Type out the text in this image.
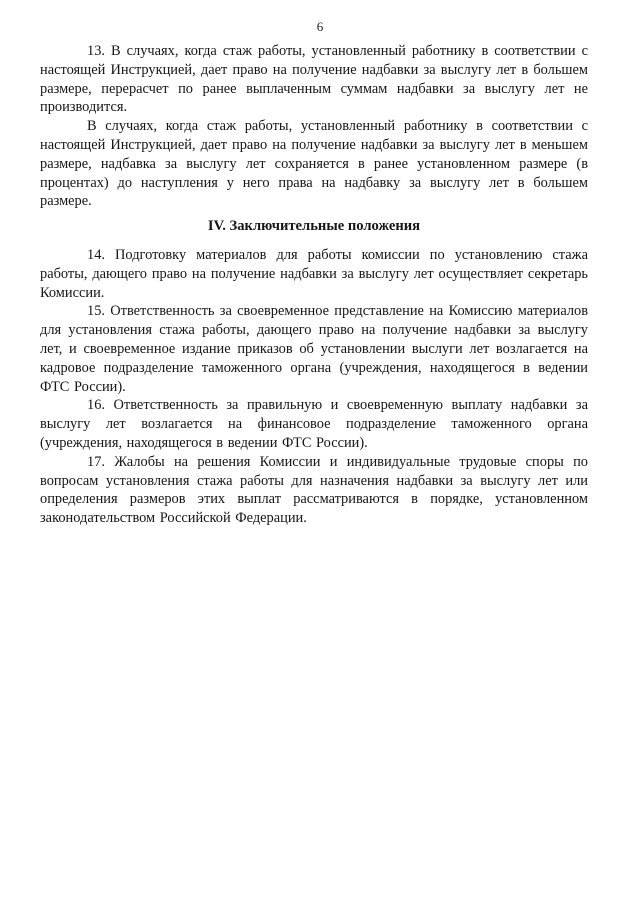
6

13. В случаях, когда стаж работы, установленный работнику в соответствии с настоящей Инструкцией, дает право на получение надбавки за выслугу лет в большем размере, перерасчет по ранее выплаченным суммам надбавки за выслугу лет не производится.

В случаях, когда стаж работы, установленный работнику в соответствии с настоящей Инструкцией, дает право на получение надбавки за выслугу лет в меньшем размере, надбавка за выслугу лет сохраняется в ранее установленном размере (в процентах) до наступления у него права на надбавку за выслугу лет в большем размере.

IV. Заключительные положения

14. Подготовку материалов для работы комиссии по установлению стажа работы, дающего право на получение надбавки за выслугу лет осуществляет секретарь Комиссии.

15. Ответственность за своевременное представление на Комиссию материалов для установления стажа работы, дающего право на получение надбавки за выслугу лет, и своевременное издание приказов об установлении выслуги лет возлагается на кадровое подразделение таможенного органа (учреждения, находящегося в ведении ФТС России).

16. Ответственность за правильную и своевременную выплату надбавки за выслугу лет возлагается на финансовое подразделение таможенного органа (учреждения, находящегося в ведении ФТС России).

17. Жалобы на решения Комиссии и индивидуальные трудовые споры по вопросам установления стажа работы для назначения надбавки за выслугу лет или определения размеров этих выплат рассматриваются в порядке, установленном законодательством Российской Федерации.
